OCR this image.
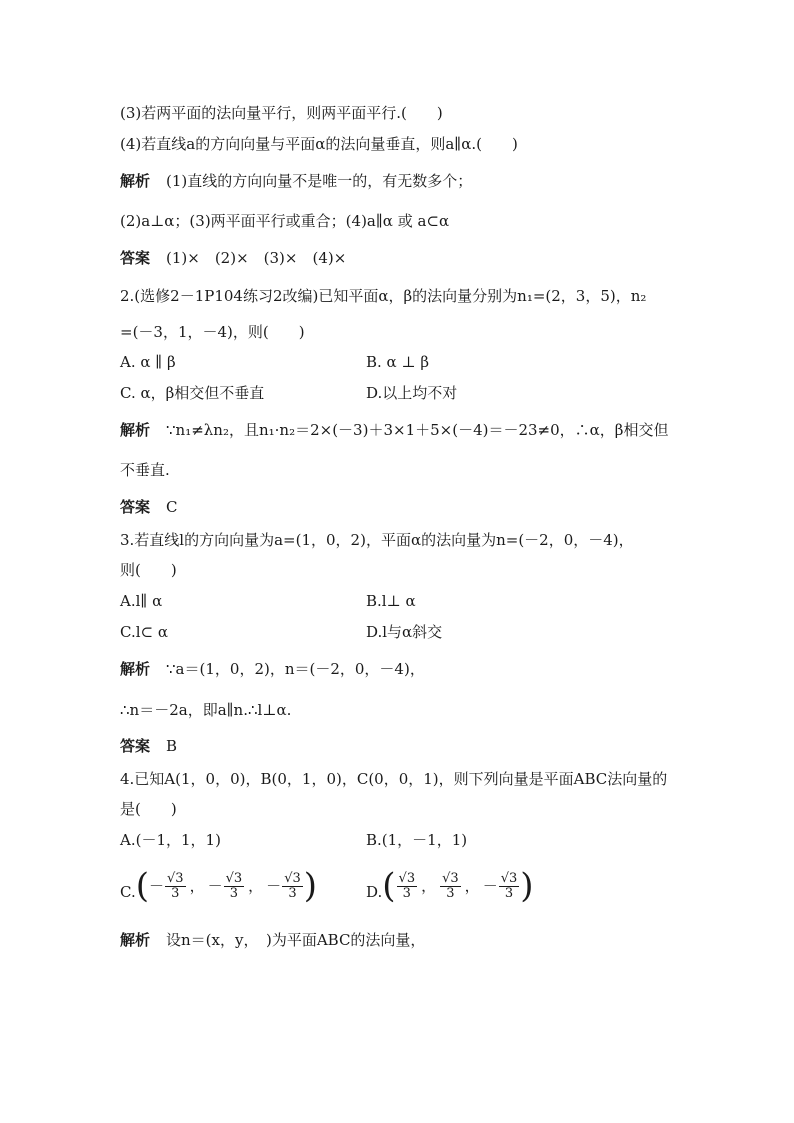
(3)若两平面的法向量平行，则两平面平行.(　　)
(4)若直线a的方向向量与平面α的法向量垂直，则a∥α.(　　)
解析 (1)直线的方向向量不是唯一的，有无数多个；
(2)a⊥α；(3)两平面平行或重合；(4)a∥α 或 a⊂α
答案 (1)×　(2)×　(3)×　(4)×
2.(选修2－1P104练习2改编)已知平面α，β的法向量分别为n₁=(2，3，5)，n₂
=(－3，1，－4)，则(　　)
A. α ∥ β	B. α ⊥ β
C. α，β相交但不垂直	D.以上均不对
解析 ∵n₁≠λn₂，且n₁·n₂＝2×(－3)＋3×1＋5×(－4)＝－23≠0，∴α，β相交但
不垂直.
答案 C
3.若直线l的方向向量为a=(1，0，2)，平面α的法向量为n=(－2，0，－4)，
则(　　)
A.l∥ α	B.l⊥ α
C.l⊂ α	D.l与α斜交
解析 ∵a＝(1，0，2)，n＝(－2，0，－4)，
∴n＝－2a，即a∥n.∴l⊥α.
答案 B
4.已知A(1，0，0)，B(0，1，0)，C(0，0，1)，则下列向量是平面ABC法向量的
是(　　)
A.(－1，1，1)	B.(1，－1，1)
C. ( － $\frac{√3}{3}$ ， － $\frac{√3}{3}$ ， － $\frac{√3}{3}$ )	D. ( $\frac{√3}{3}$ ， $\frac{√3}{3}$ ， － $\frac{√3}{3}$ )
解析 设n＝(x，y，　)为平面ABC的法向量，
